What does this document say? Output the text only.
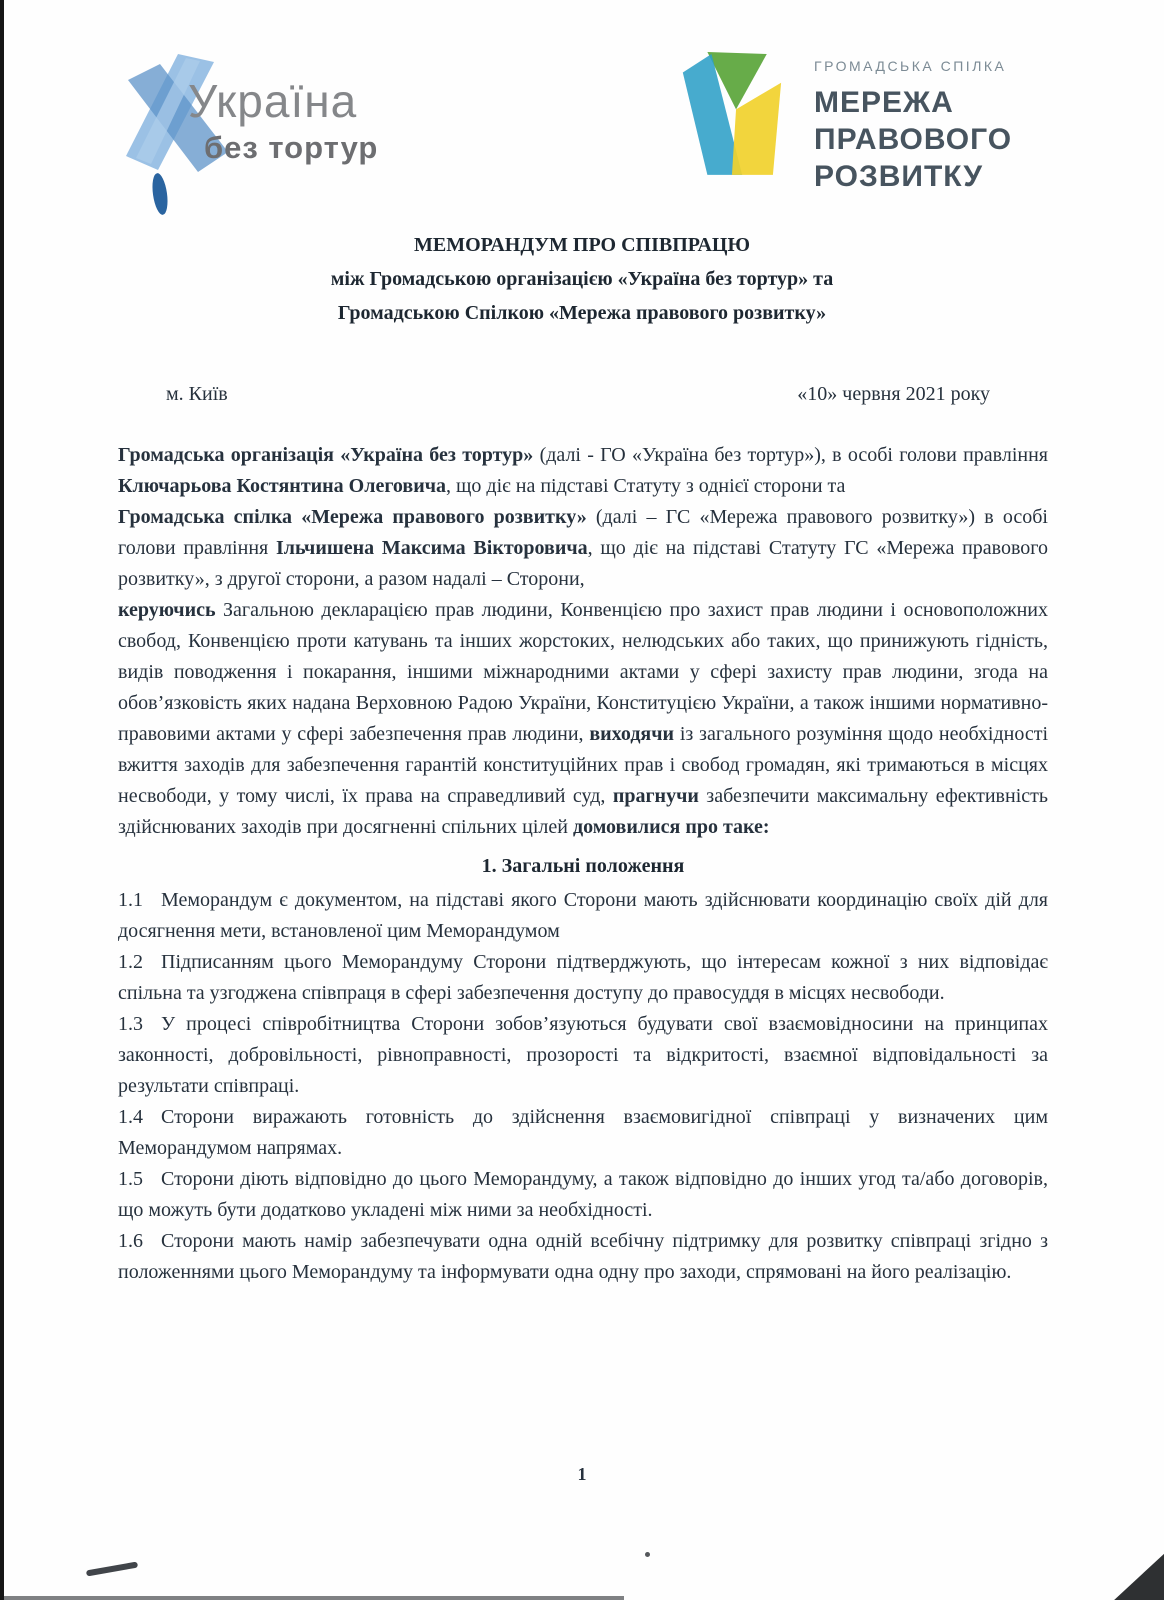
Україна
без тортур
ГРОМАДСЬКА СПІЛКА
МЕРЕЖА
ПРАВОВОГО
РОЗВИТКУ
МЕМОРАНДУМ ПРО СПІВПРАЦЮ
між Громадською організацією «Україна без тортур» та
Громадською Спілкою «Мережа правового розвитку»
м. Київ	«10» червня 2021 року

Громадська організація «Україна без тортур» (далі - ГО «Україна без тортур»), в особі голови правління Ключарьова Костянтина Олеговича, що діє на підставі Статуту з однієї сторони та

Громадська спілка «Мережа правового розвитку» (далі – ГС «Мережа правового розвитку») в особі голови правління Ільчишена Максима Вікторовича, що діє на підставі Статуту ГС «Мережа правового розвитку», з другої сторони, а разом надалі – Сторони,

керуючись Загальною декларацією прав людини, Конвенцією про захист прав людини і основоположних свобод, Конвенцією проти катувань та інших жорстоких, нелюдських або таких, що принижують гідність, видів поводження і покарання, іншими міжнародними актами у сфері захисту прав людини, згода на обов’язковість яких надана Верховною Радою України, Конституцією України, а також іншими нормативно-правовими актами у сфері забезпечення прав людини, виходячи із загального розуміння щодо необхідності вжиття заходів для забезпечення гарантій конституційних прав і свобод громадян, які тримаються в місцях несвободи, у тому числі, їх права на справедливий суд, прагнучи забезпечити максимальну ефективність здійснюваних заходів при досягненні спільних цілей домовилися про таке:

1. Загальні положення

1.1 Меморандум є документом, на підставі якого Сторони мають здійснювати координацію своїх дій для досягнення мети, встановленої цим Меморандумом

1.2 Підписанням цього Меморандуму Сторони підтверджують, що інтересам кожної з них відповідає спільна та узгоджена співпраця в сфері забезпечення доступу до правосуддя в місцях несвободи.

1.3 У процесі співробітництва Сторони зобов’язуються будувати свої взаємовідносини на принципах законності, добровільності, рівноправності, прозорості та відкритості, взаємної відповідальності за результати співпраці.

1.4 Сторони виражають готовність до здійснення взаємовигідної співпраці у визначених цим Меморандумом напрямах.

1.5 Сторони діють відповідно до цього Меморандуму, а також відповідно до інших угод та/або договорів, що можуть бути додатково укладені між ними за необхідності.

1.6 Сторони мають намір забезпечувати одна одній всебічну підтримку для розвитку співпраці згідно з положеннями цього Меморандуму та інформувати одна одну про заходи, спрямовані на його реалізацію.

1
